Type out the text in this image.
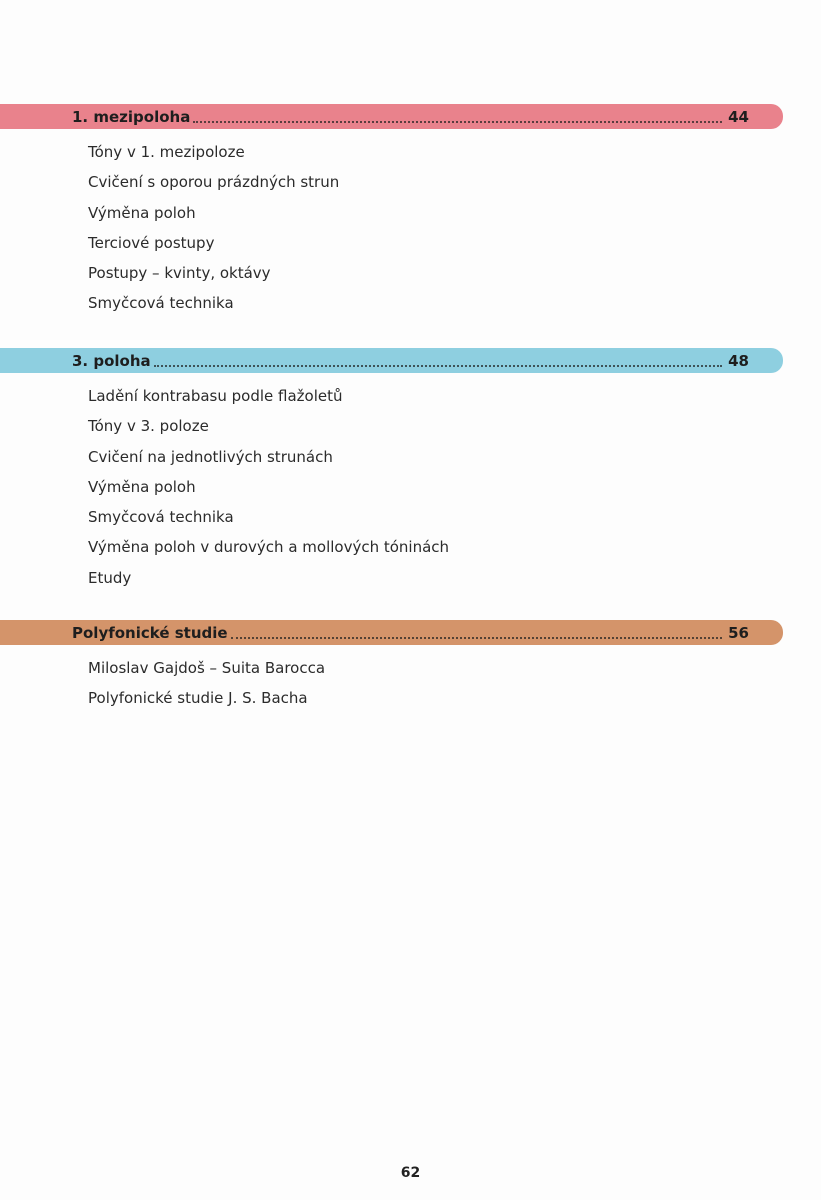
1. mezipoloha	44
Tóny v 1. mezipoloze
Cvičení s oporou prázdných strun
Výměna poloh
Terciové postupy
Postupy – kvinty, oktávy
Smyčcová technika
3. poloha	48
Ladění kontrabasu podle flažoletů
Tóny v 3. poloze
Cvičení na jednotlivých strunách
Výměna poloh
Smyčcová technika
Výměna poloh v durových a mollových tóninách
Etudy
Polyfonické studie	56
Miloslav Gajdoš – Suita Barocca
Polyfonické studie J. S. Bacha
62
